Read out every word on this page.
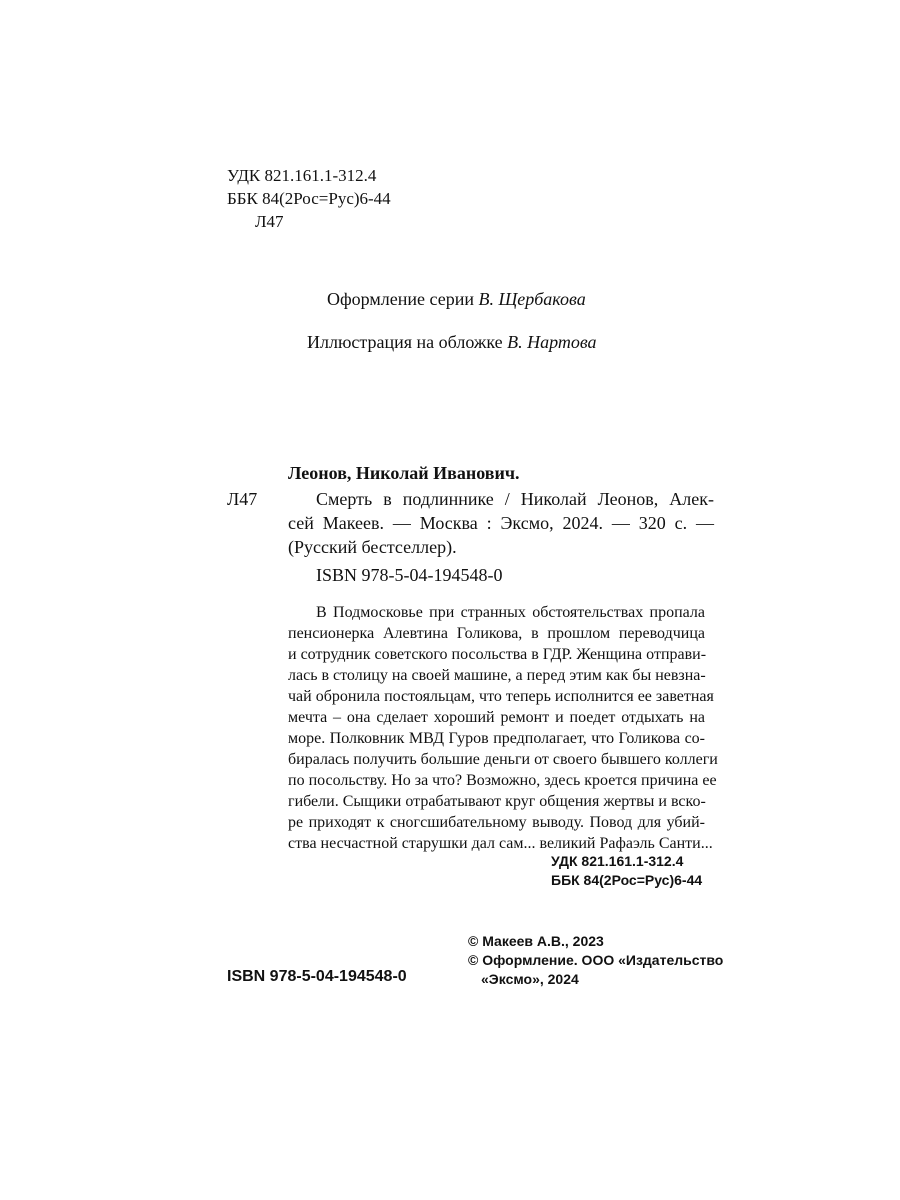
УДК 821.161.1-312.4
ББК 84(2Рос=Рус)6-44
Л47
Оформление серии В. Щербакова
Иллюстрация на обложке В. Нартова
Леонов, Николай Иванович.
Л47	Смерть в подлиннике / Николай Леонов, Алек-
сей Макеев. — Москва : Эксмо, 2024. — 320 с. —
(Русский бестселлер).
ISBN 978-5-04-194548-0
В Подмосковье при странных обстоятельствах пропала
пенсионерка Алевтина Голикова, в прошлом переводчица
и сотрудник советского посольства в ГДР. Женщина отправи-
лась в столицу на своей машине, а перед этим как бы невзна-
чай обронила постояльцам, что теперь исполнится ее заветная
мечта – она сделает хороший ремонт и поедет отдыхать на
море. Полковник МВД Гуров предполагает, что Голикова со-
биралась получить большие деньги от своего бывшего коллеги
по посольству. Но за что? Возможно, здесь кроется причина ее
гибели. Сыщики отрабатывают круг общения жертвы и вско-
ре приходят к сногсшибательному выводу. Повод для убий-
ства несчастной старушки дал сам... великий Рафаэль Санти...
УДК 821.161.1-312.4
ББК 84(2Рос=Рус)6-44
ISBN 978-5-04-194548-0
© Макеев А.В., 2023
© Оформление. ООО «Издательство
«Эксмо», 2024
